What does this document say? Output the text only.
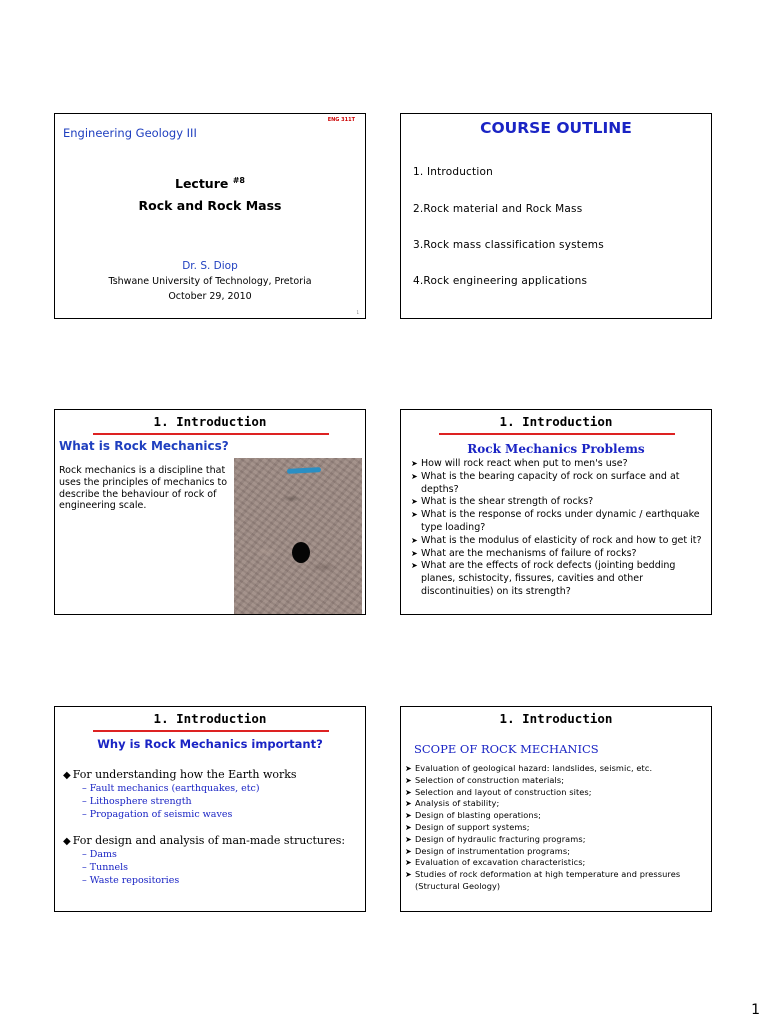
ENG 311T
Engineering Geology III
Lecture $^{\#8}$
Rock and Rock Mass
Dr. S. Diop
Tshwane University of Technology, Pretoria
October 29, 2010
1
COURSE OUTLINE
1. Introduction
2.Rock material and Rock Mass
3.Rock mass classification systems
4.Rock engineering applications
1. Introduction
What is Rock Mechanics?
Rock mechanics is a discipline that uses the principles of mechanics to describe the behaviour of rock of engineering scale.
1. Introduction
Rock Mechanics Problems
➤ How will rock react when put to men's use?
➤ What is the bearing capacity of rock on surface and at depths?
➤ What is the shear strength of rocks?
➤ What is the response of rocks under dynamic / earthquake type loading?
➤ What is the modulus of elasticity of rock and how to get it?
➤ What are the mechanisms of failure of rocks?
➤ What are the effects of rock defects (jointing bedding planes, schistocity, fissures, cavities and other discontinuities) on its strength?
1. Introduction
Why is Rock Mechanics important?
◆ For understanding how the Earth works
– Fault mechanics (earthquakes, etc)
– Lithosphere strength
– Propagation of seismic waves
◆ For design and analysis of man-made structures:
– Dams
– Tunnels
– Waste repositories
1. Introduction
SCOPE OF ROCK MECHANICS
➤ Evaluation of geological hazard: landslides, seismic, etc.
➤ Selection of construction materials;
➤ Selection and layout of construction sites;
➤ Analysis of stability;
➤ Design of blasting operations;
➤ Design of support systems;
➤ Design of hydraulic fracturing programs;
➤ Design of instrumentation programs;
➤ Evaluation of excavation characteristics;
➤ Studies of rock deformation at high temperature and pressures (Structural Geology)
1
